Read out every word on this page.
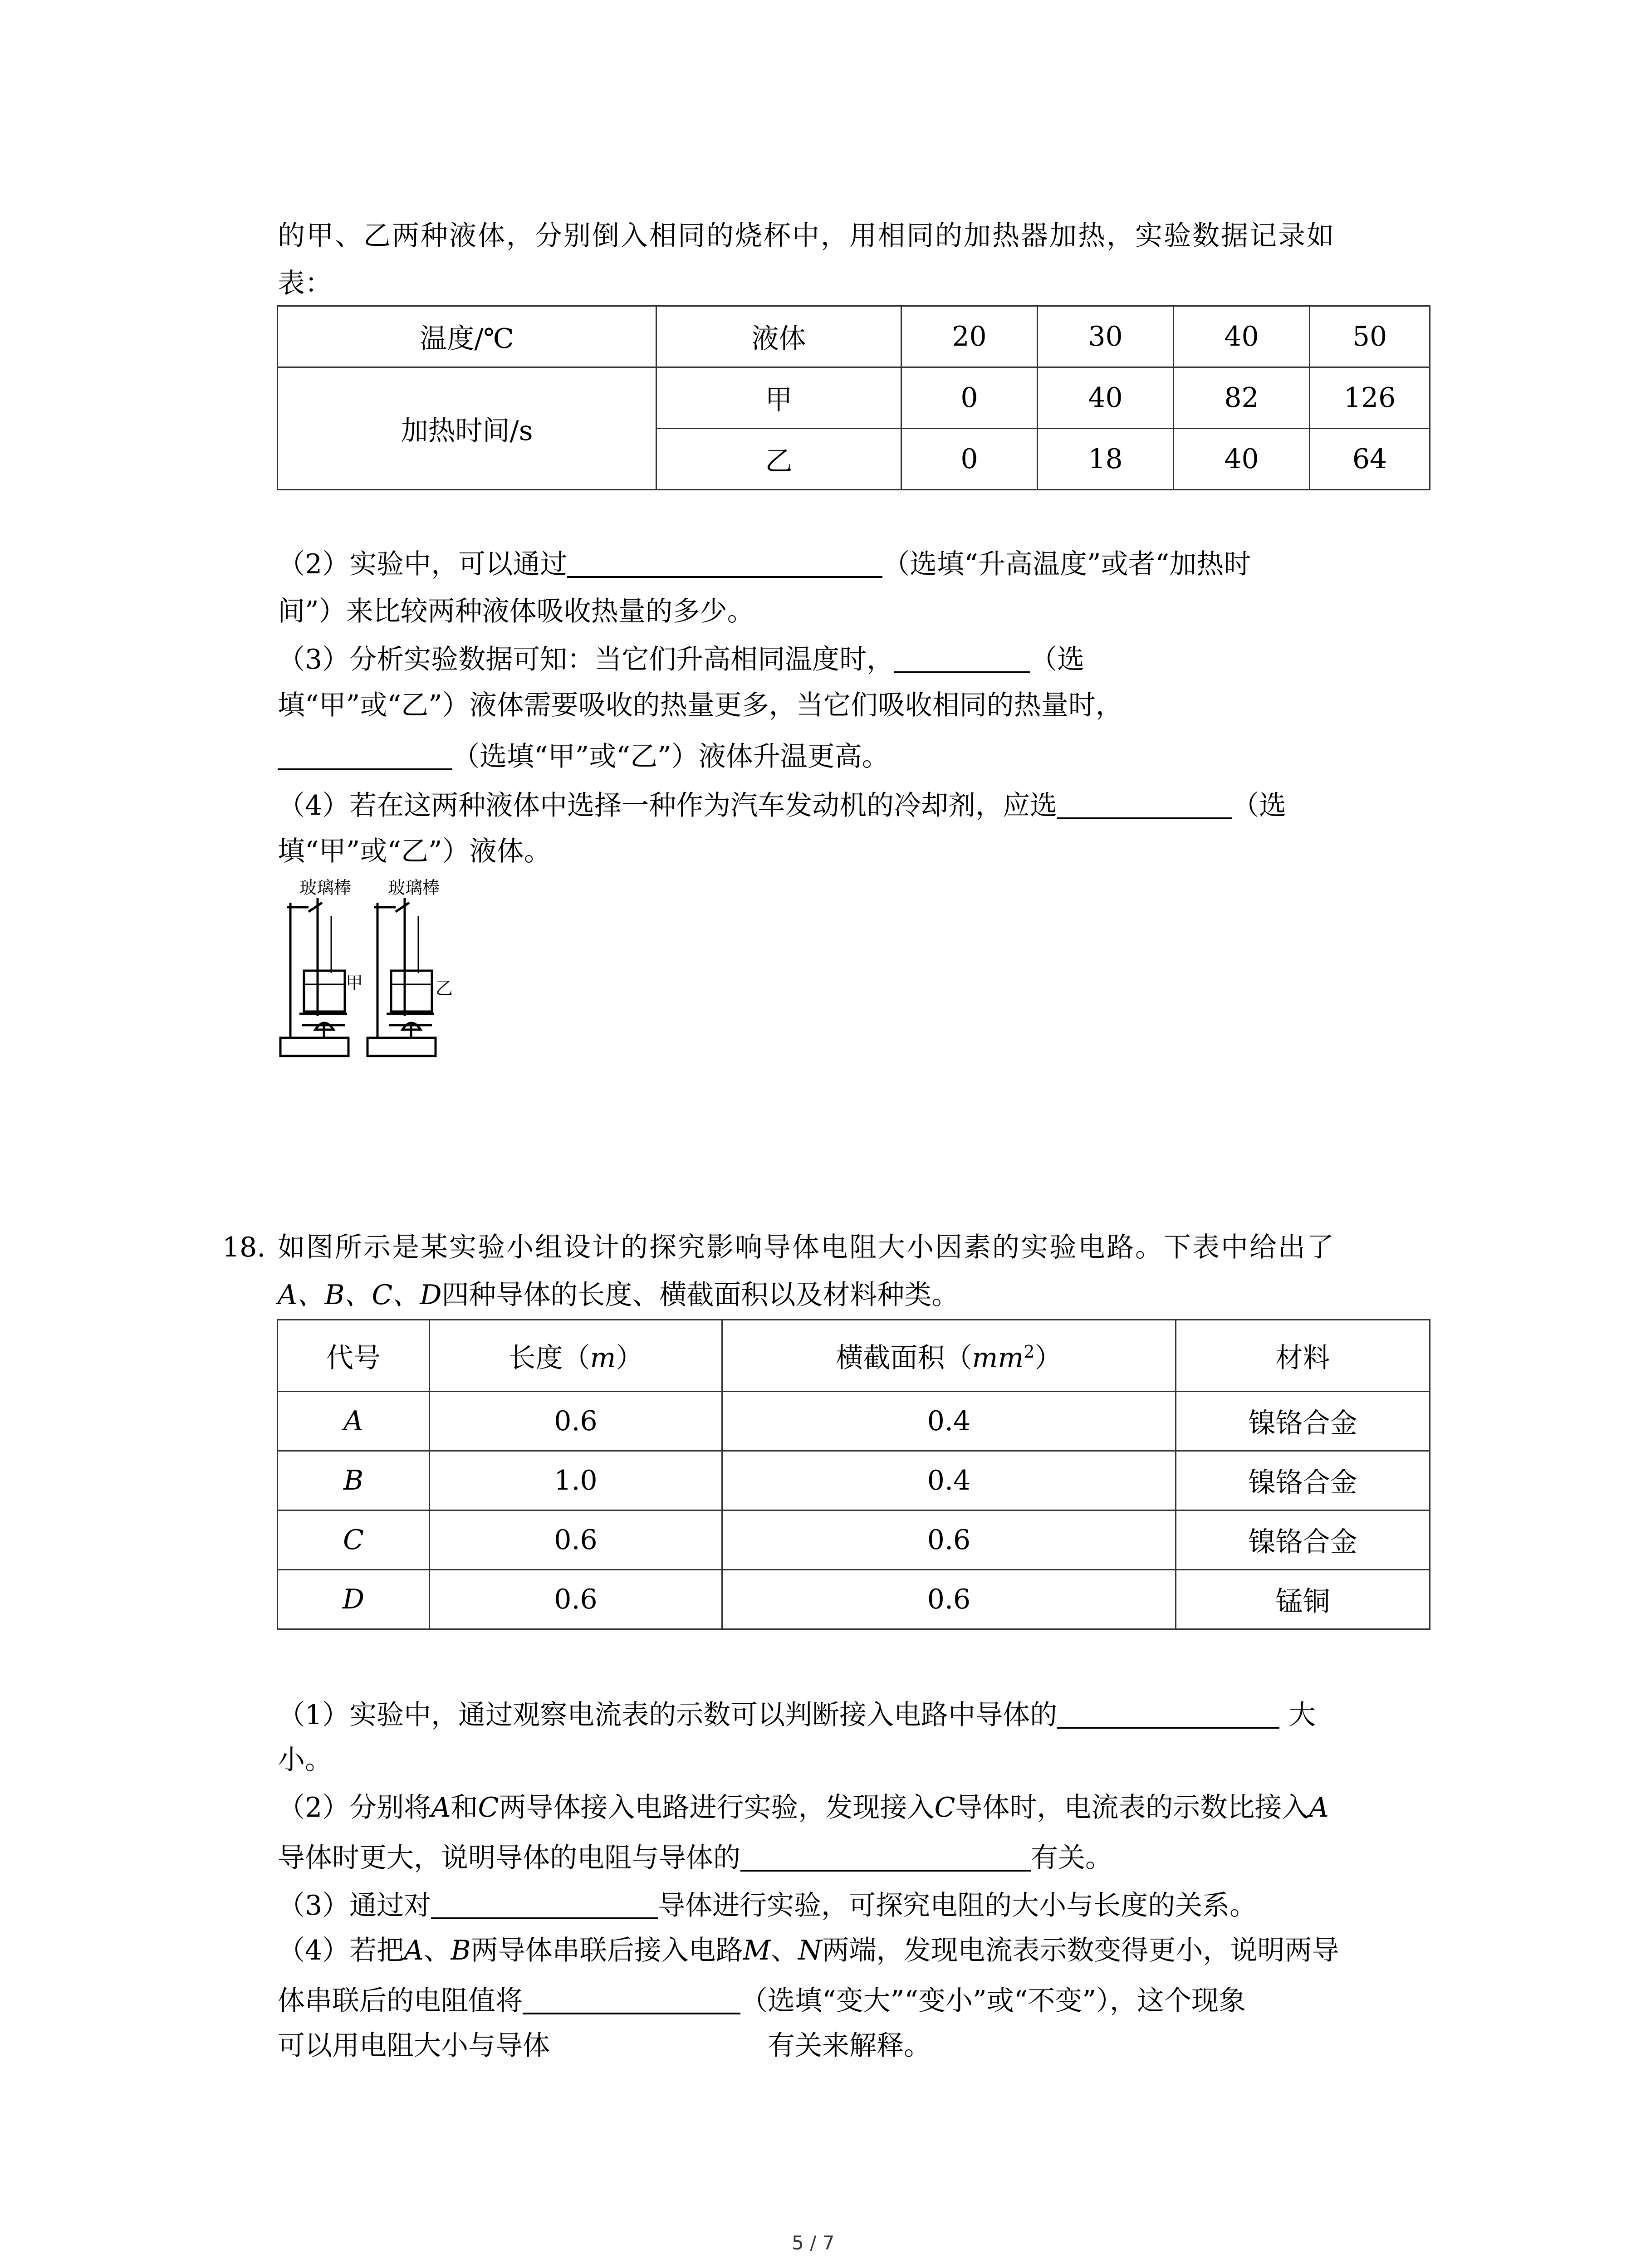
的甲、乙两种液体，分别倒入相同的烧杯中，用相同的加热器加热，实验数据记录如
表：
温度/℃	液体	20	30	40	50
加热时间/s	甲	0	40	82	126
	乙	0	18	40	64
（2）实验中，可以通过	（选填“升高温度”或者“加热时
间”）来比较两种液体吸收热量的多少。
（3）分析实验数据可知：当它们升高相同温度时，	（选
填“甲”或“乙”）液体需要吸收的热量更多，当它们吸收相同的热量时，
（选填“甲”或“乙”）液体升温更高。
（4）若在这两种液体中选择一种作为汽车发动机的冷却剂，应选	（选
填“甲”或“乙”）液体。
玻璃棒 玻璃棒
甲	乙
18. 如图所示是某实验小组设计的探究影响导体电阻大小因素的实验电路。下表中给出了
A、B、C、D四种导体的长度、横截面积以及材料种类。
代号	长度（m）	横截面积$(mm^2)$	材料
A	0.6	0.4	镍铬合金
B	1.0	0.4	镍铬合金
C	0.6	0.6	镍铬合金
D	0.6	0.6	锰铜
（1）实验中，通过观察电流表的示数可以判断接入电路中导体的	大
小。
（2）分别将A和C两导体接入电路进行实验，发现接入C导体时，电流表的示数比接入A
导体时更大，说明导体的电阻与导体的	有关。
（3）通过对	导体进行实验，可探究电阻的大小与长度的关系。
（4）若把A、B两导体串联后接入电路M、N两端，发现电流表示数变得更小，说明两导
体串联后的电阻值将	（选填“变大”“变小”或“不变”），这个现象
可以用电阻大小与导体	有关来解释。
5 / 7
